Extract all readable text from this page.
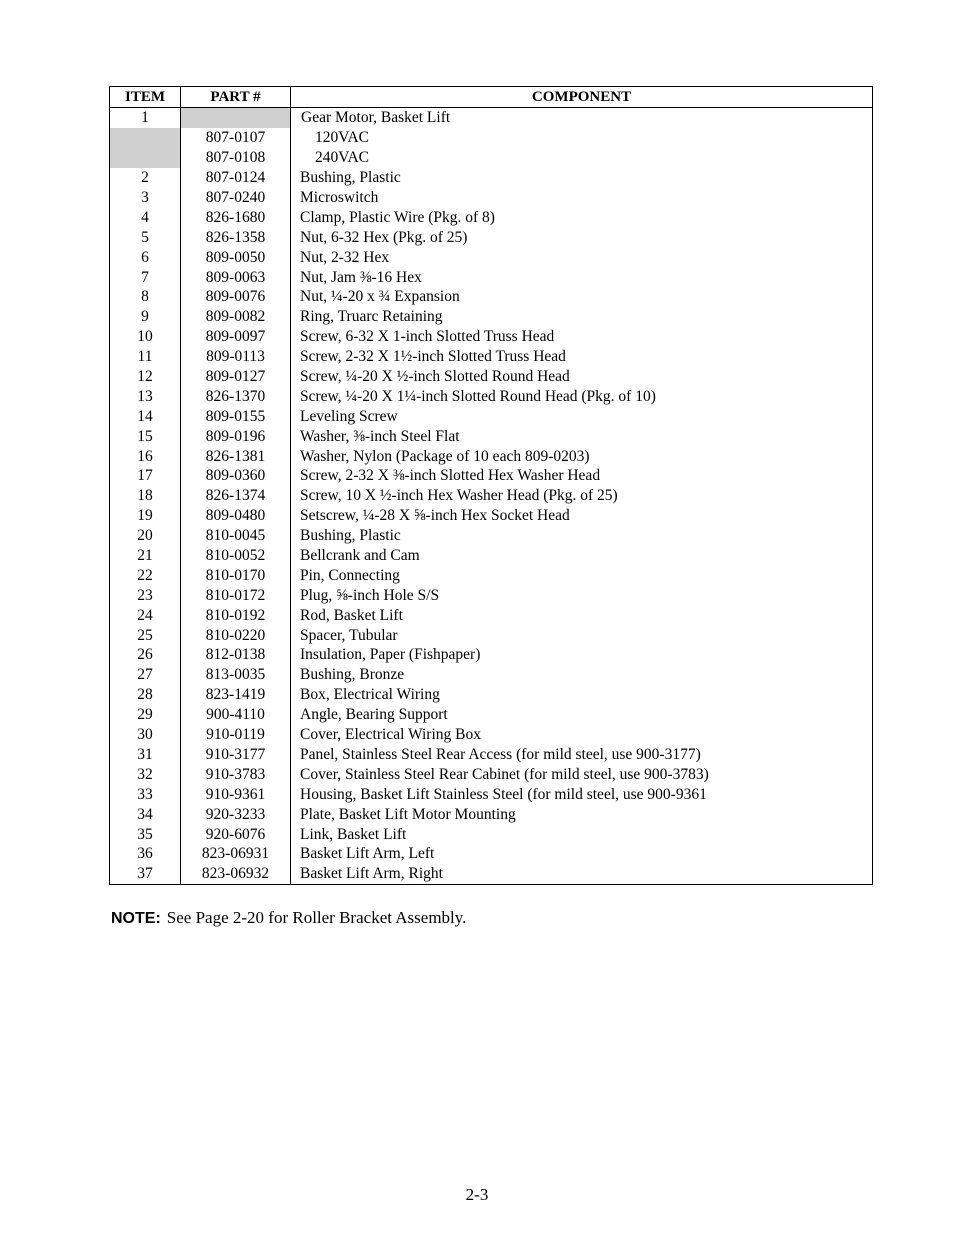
ITEM	PART #	COMPONENT
1		Gear Motor, Basket Lift
	807-0107	120VAC
	807-0108	240VAC
2	807-0124	Bushing, Plastic
3	807-0240	Microswitch
4	826-1680	Clamp, Plastic Wire (Pkg. of 8)
5	826-1358	Nut, 6-32 Hex (Pkg. of 25)
6	809-0050	Nut, 2-32 Hex
7	809-0063	Nut, Jam ⅜-16 Hex
8	809-0076	Nut, ¼-20 x ¾ Expansion
9	809-0082	Ring, Truarc Retaining
10	809-0097	Screw, 6-32 X 1-inch Slotted Truss Head
11	809-0113	Screw, 2-32 X 1½-inch Slotted Truss Head
12	809-0127	Screw, ¼-20 X ½-inch Slotted Round Head
13	826-1370	Screw, ¼-20 X 1¼-inch Slotted Round Head (Pkg. of 10)
14	809-0155	Leveling Screw
15	809-0196	Washer, ⅜-inch Steel Flat
16	826-1381	Washer, Nylon (Package of 10 each 809-0203)
17	809-0360	Screw, 2-32 X ⅜-inch Slotted Hex Washer Head
18	826-1374	Screw, 10 X ½-inch Hex Washer Head (Pkg. of 25)
19	809-0480	Setscrew, ¼-28 X ⅝-inch Hex Socket Head
20	810-0045	Bushing, Plastic
21	810-0052	Bellcrank and Cam
22	810-0170	Pin, Connecting
23	810-0172	Plug, ⅝-inch Hole S/S
24	810-0192	Rod, Basket Lift
25	810-0220	Spacer, Tubular
26	812-0138	Insulation, Paper (Fishpaper)
27	813-0035	Bushing, Bronze
28	823-1419	Box, Electrical Wiring
29	900-4110	Angle, Bearing Support
30	910-0119	Cover, Electrical Wiring Box
31	910-3177	Panel, Stainless Steel Rear Access (for mild steel, use 900-3177)
32	910-3783	Cover, Stainless Steel Rear Cabinet (for mild steel, use 900-3783)
33	910-9361	Housing, Basket Lift Stainless Steel (for mild steel, use 900-9361
34	920-3233	Plate, Basket Lift Motor Mounting
35	920-6076	Link, Basket Lift
36	823-06931	Basket Lift Arm, Left
37	823-06932	Basket Lift Arm, Right
NOTE: See Page 2-20 for Roller Bracket Assembly.
2-3
